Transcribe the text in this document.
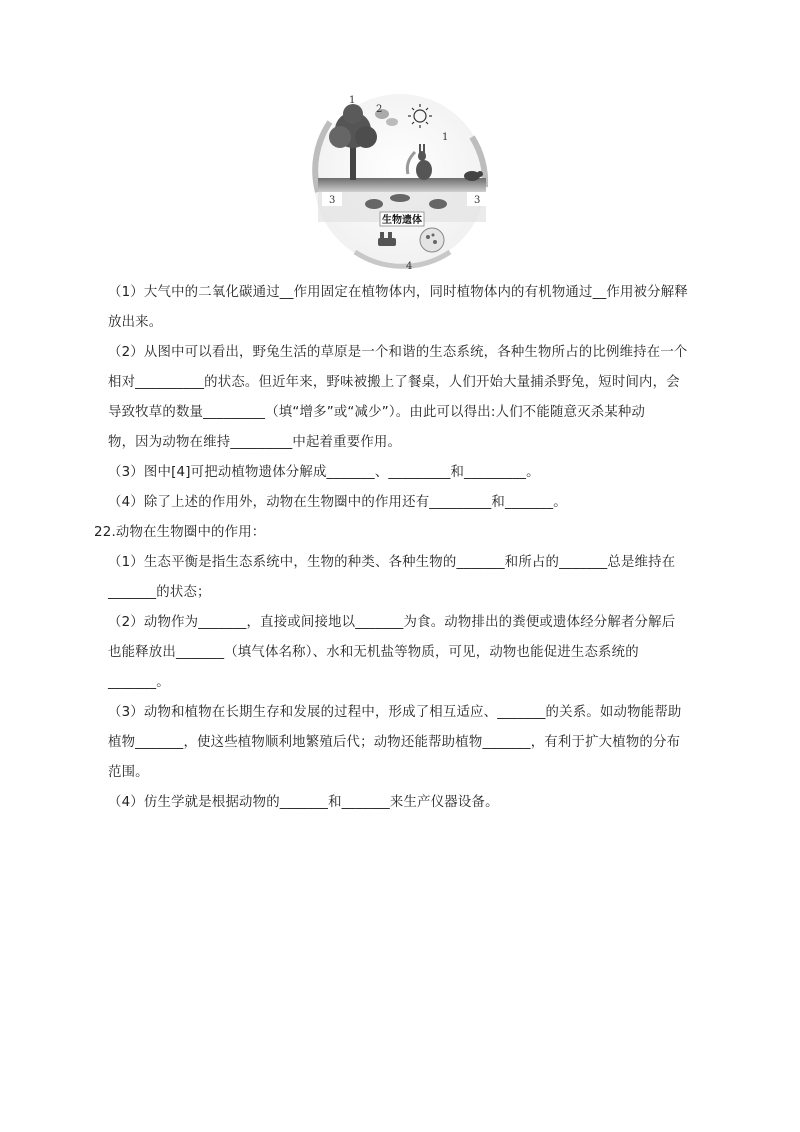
生物遗体
1
2
1
3	3
4
（1）大气中的二氧化碳通过__作用固定在植物体内，同时植物体内的有机物通过__作用被分解释
放出来。
（2）从图中可以看出，野兔生活的草原是一个和谐的生态系统，各种生物所占的比例维持在一个
相对__________的状态。但近年来，野味被搬上了餐桌，人们开始大量捕杀野兔，短时间内，会
导致牧草的数量_________（填“增多”或“减少”）。由此可以得出:人们不能随意灭杀某种动
物，因为动物在维持_________中起着重要作用。
（3）图中[4]可把动植物遗体分解成_______、_________和_________。
（4）除了上述的作用外，动物在生物圈中的作用还有_________和_______。
22.动物在生物圈中的作用：
（1）生态平衡是指生态系统中，生物的种类、各种生物的_______和所占的_______总是维持在
_______的状态；
（2）动物作为_______，直接或间接地以_______为食。动物排出的粪便或遗体经分解者分解后
也能释放出_______（填气体名称）、水和无机盐等物质，可见，动物也能促进生态系统的
_______。
（3）动物和植物在长期生存和发展的过程中，形成了相互适应、_______的关系。如动物能帮助
植物_______，使这些植物顺利地繁殖后代；动物还能帮助植物_______，有利于扩大植物的分布
范围。
（4）仿生学就是根据动物的_______和_______来生产仪器设备。
